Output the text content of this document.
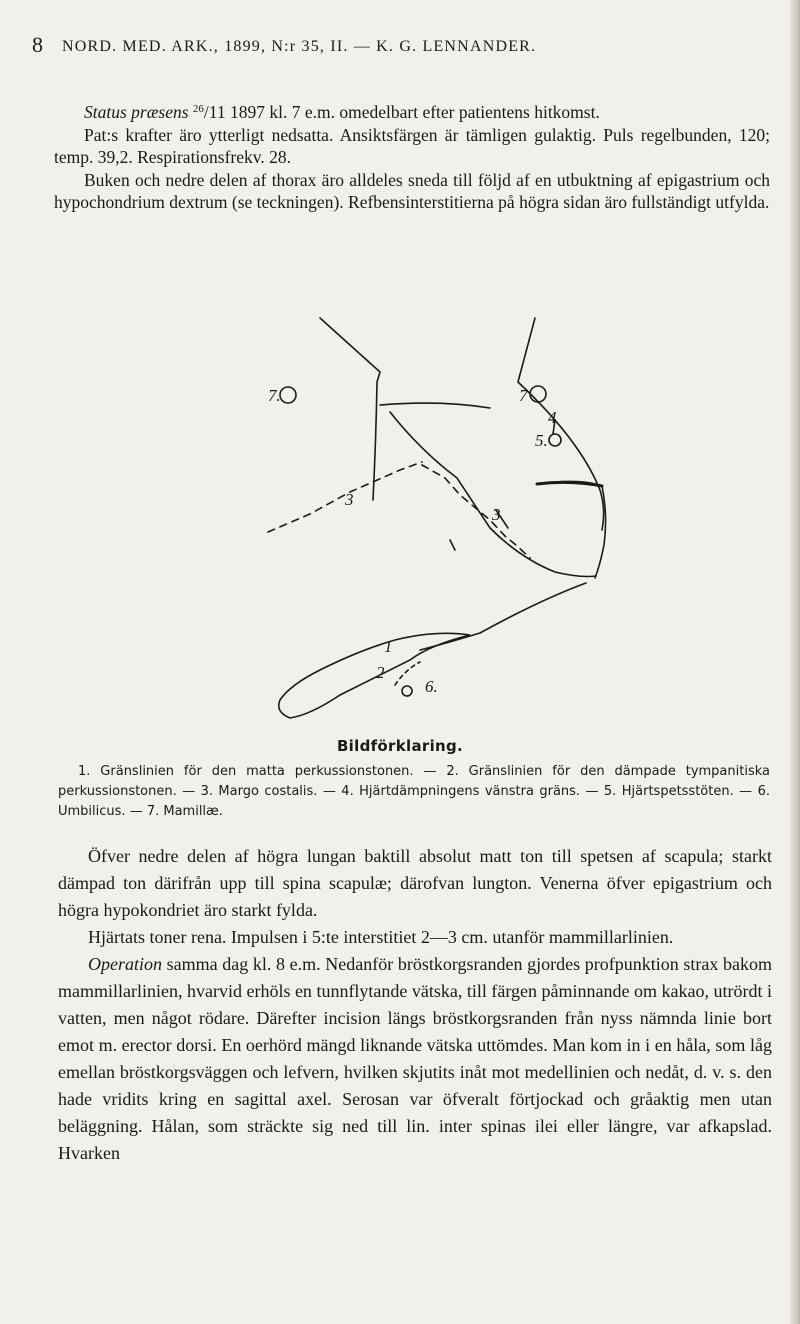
8 NORD. MED. ARK., 1899, N:r 35, II. — K. G. LENNANDER.

Status præsens $^{26}$/11 1897 kl. 7 e.m. omedelbart efter patientens hitkomst.

Pat:s krafter äro ytterligt nedsatta. Ansiktsfärgen är tämligen gulaktig. Puls regelbunden, 120; temp. 39,2. Respirationsfrekv. 28.

Buken och nedre delen af thorax äro alldeles sneda till följd af en utbuktning af epigastrium och hypochondrium dextrum (se teckningen). Refbensinterstitierna på högra sidan äro fullständigt utfylda.

7.	7
5.
4
3
3
1
2
6.
Bildförklaring.

1. Gränslinien för den matta perkussionstonen. — 2. Gränslinien för den dämpade tympanitiska perkussionstonen. — 3. Margo costalis. — 4. Hjärtdämpningens vänstra gräns. — 5. Hjärtspetsstöten. — 6. Umbilicus. — 7. Mamillæ.

Öfver nedre delen af högra lungan baktill absolut matt ton till spetsen af scapula; starkt dämpad ton därifrån upp till spina scapulæ; därofvan lungton. Venerna öfver epigastrium och högra hypokondriet äro starkt fylda.

Hjärtats toner rena. Impulsen i 5:te interstitiet 2—3 cm. utanför mammillarlinien.

Operation samma dag kl. 8 e.m. Nedanför bröstkorgsranden gjordes profpunktion strax bakom mammillarlinien, hvarvid erhöls en tunnflytande vätska, till färgen påminnande om kakao, utrördt i vatten, men något rödare. Därefter incision längs bröstkorgsranden från nyss nämnda linie bort emot m. erector dorsi. En oerhörd mängd liknande vätska uttömdes. Man kom in i en håla, som låg emellan bröstkorgsväggen och lefvern, hvilken skjutits inåt mot medellinien och nedåt, d. v. s. den hade vridits kring en sagittal axel. Serosan var öfveralt förtjockad och gråaktig men utan beläggning. Hålan, som sträckte sig ned till lin. inter spinas ilei eller längre, var afkapslad. Hvarken
